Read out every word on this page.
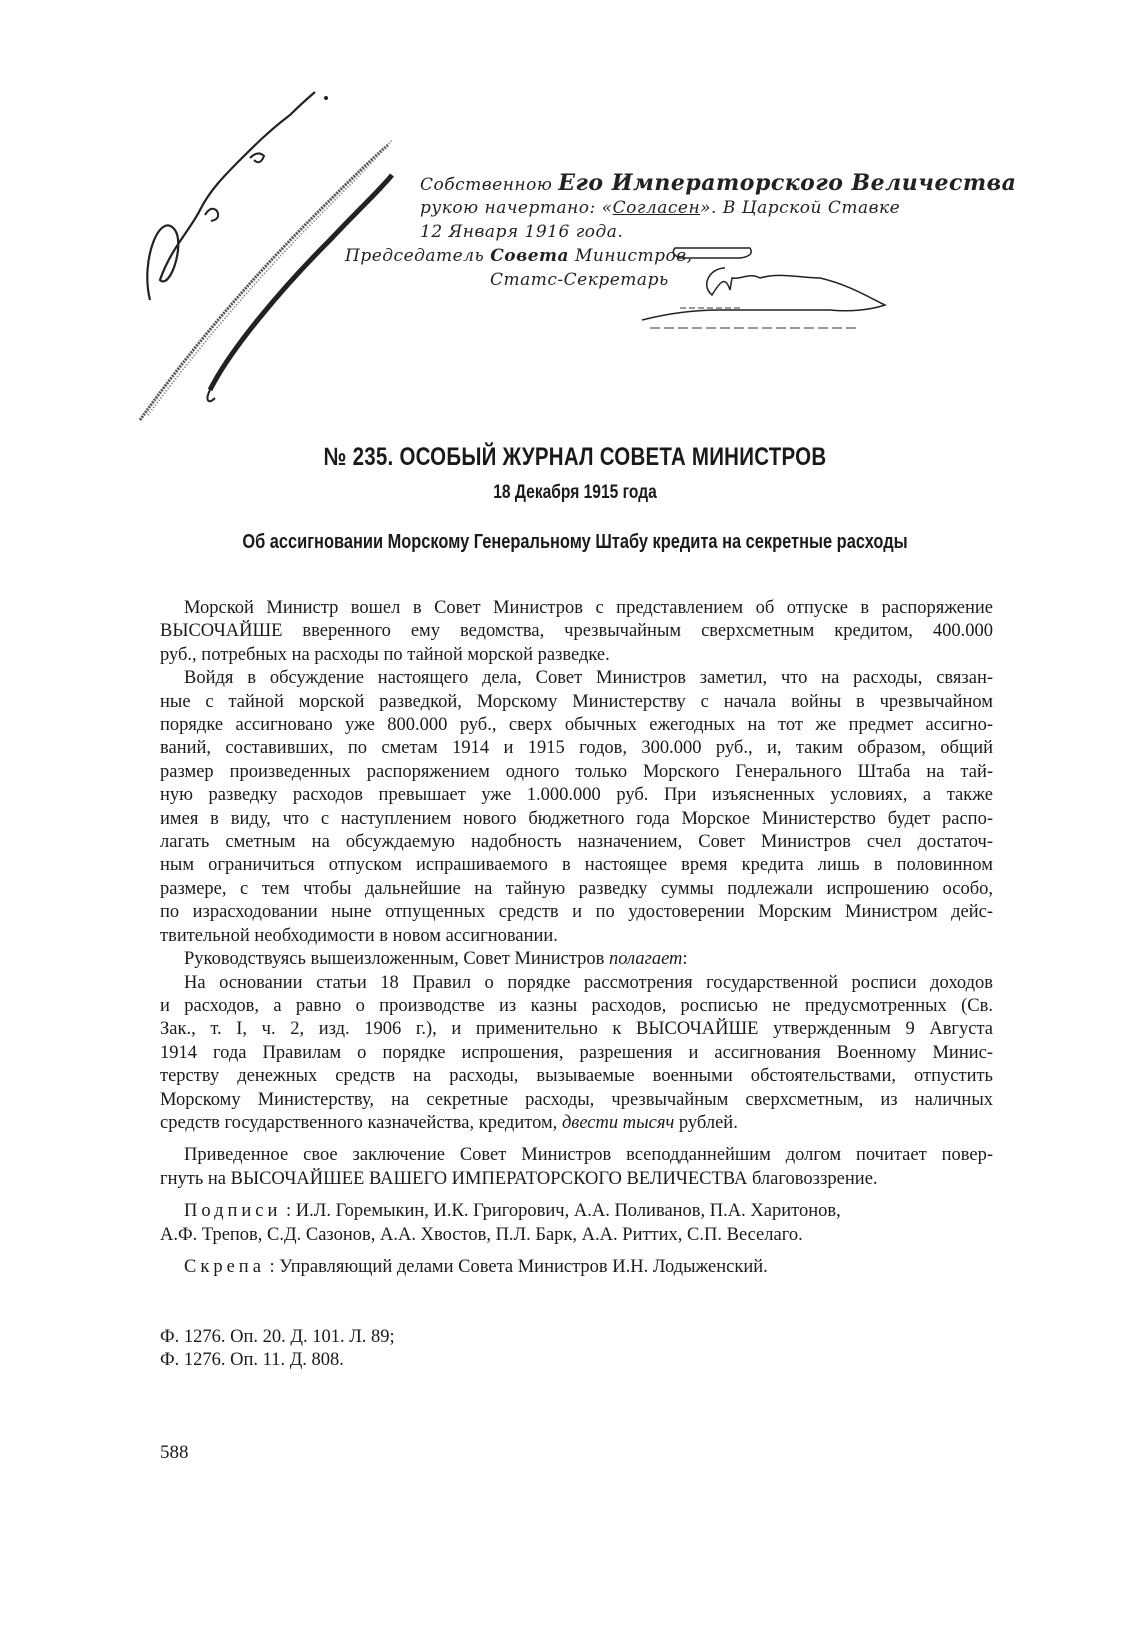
Собственною Его Императорского Величества
рукою начертано: «Согласен». В Царской Ставке
12 Января 1916 года.
Председатель Совета Министров,
Статс-Секретарь
№ 235. ОСОБЫЙ ЖУРНАЛ СОВЕТА МИНИСТРОВ
18 Декабря 1915 года
Об ассигновании Морскому Генеральному Штабу кредита на секретные расходы
Морской Министр вошел в Совет Министров с представлением об отпуске в распоряжение
ВЫСОЧАЙШЕ вверенного ему ведомства, чрезвычайным сверхсметным кредитом, 400.000
руб., потребных на расходы по тайной морской разведке.
Войдя в обсуждение настоящего дела, Совет Министров заметил, что на расходы, связан-
ные с тайной морской разведкой, Морскому Министерству с начала войны в чрезвычайном
порядке ассигновано уже 800.000 руб., сверх обычных ежегодных на тот же предмет ассигно-
ваний, составивших, по сметам 1914 и 1915 годов, 300.000 руб., и, таким образом, общий
размер произведенных распоряжением одного только Морского Генерального Штаба на тай-
ную разведку расходов превышает уже 1.000.000 руб. При изъясненных условиях, а также
имея в виду, что с наступлением нового бюджетного года Морское Министерство будет распо-
лагать сметным на обсуждаемую надобность назначением, Совет Министров счел достаточ-
ным ограничиться отпуском испрашиваемого в настоящее время кредита лишь в половинном
размере, с тем чтобы дальнейшие на тайную разведку суммы подлежали испрошению особо,
по израсходовании ныне отпущенных средств и по удостоверении Морским Министром дейс-
твительной необходимости в новом ассигновании.
Руководствуясь вышеизложенным, Совет Министров полагает:
На основании статьи 18 Правил о порядке рассмотрения государственной росписи доходов
и расходов, а равно о производстве из казны расходов, росписью не предусмотренных (Св.
Зак., т. I, ч. 2, изд. 1906 г.), и применительно к ВЫСОЧАЙШЕ утвержденным 9 Августа
1914 года Правилам о порядке испрошения, разрешения и ассигнования Военному Минис-
терству денежных средств на расходы, вызываемые военными обстоятельствами, отпустить
Морскому Министерству, на секретные расходы, чрезвычайным сверхсметным, из наличных
средств государственного казначейства, кредитом, двести тысяч рублей.
Приведенное свое заключение Совет Министров всеподданнейшим долгом почитает повер-
гнуть на ВЫСОЧАЙШЕЕ ВАШЕГО ИМПЕРАТОРСКОГО ВЕЛИЧЕСТВА благовоззрение.
Подписи : И.Л. Горемыкин, И.К. Григорович, А.А. Поливанов, П.А. Харитонов,
А.Ф. Трепов, С.Д. Сазонов, А.А. Хвостов, П.Л. Барк, А.А. Риттих, С.П. Веселаго.
Скрепа : Управляющий делами Совета Министров И.Н. Лодыженский.
Ф. 1276. Оп. 20. Д. 101. Л. 89;
Ф. 1276. Оп. 11. Д. 808.
588
